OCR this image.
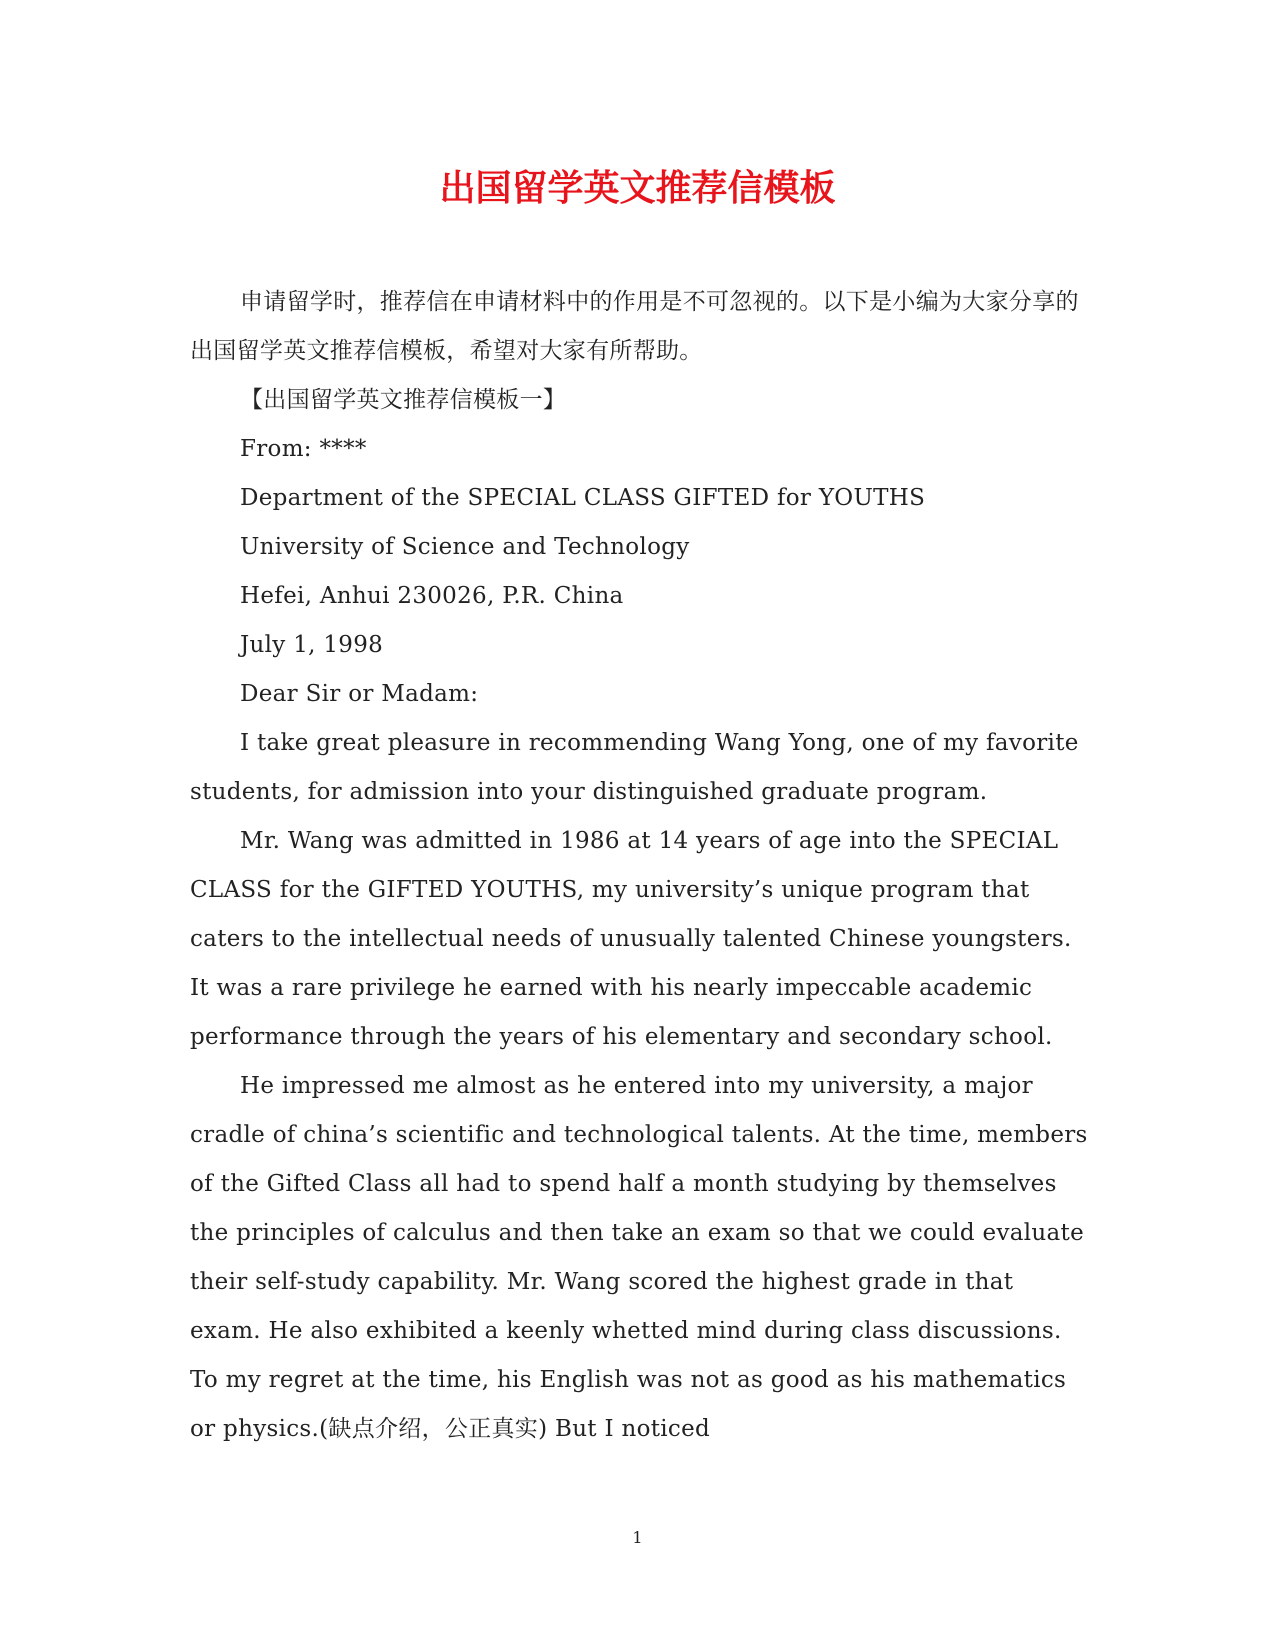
出国留学英文推荐信模板

申请留学时，推荐信在申请材料中的作用是不可忽视的。以下是小编为大家分享的出国留学英文推荐信模板，希望对大家有所帮助。

【出国留学英文推荐信模板一】

From: ****

Department of the SPECIAL CLASS GIFTED for YOUTHS

University of Science and Technology

Hefei, Anhui 230026, P.R. China

July 1, 1998

Dear Sir or Madam:

I take great pleasure in recommending Wang Yong, one of my favorite students, for admission into your distinguished graduate program.

Mr. Wang was admitted in 1986 at 14 years of age into the SPECIAL CLASS for the GIFTED YOUTHS, my university’s unique program that caters to the intellectual needs of unusually talented Chinese youngsters. It was a rare privilege he earned with his nearly impeccable academic performance through the years of his elementary and secondary school.

He impressed me almost as he entered into my university, a major cradle of china’s scientific and technological talents. At the time, members of the Gifted Class all had to spend half a month studying by themselves the principles of calculus and then take an exam so that we could evaluate their self-study capability. Mr. Wang scored the highest grade in that exam. He also exhibited a keenly whetted mind during class discussions. To my regret at the time, his English was not as good as his mathematics or physics.(缺点介绍，公正真实) But I noticed

1
